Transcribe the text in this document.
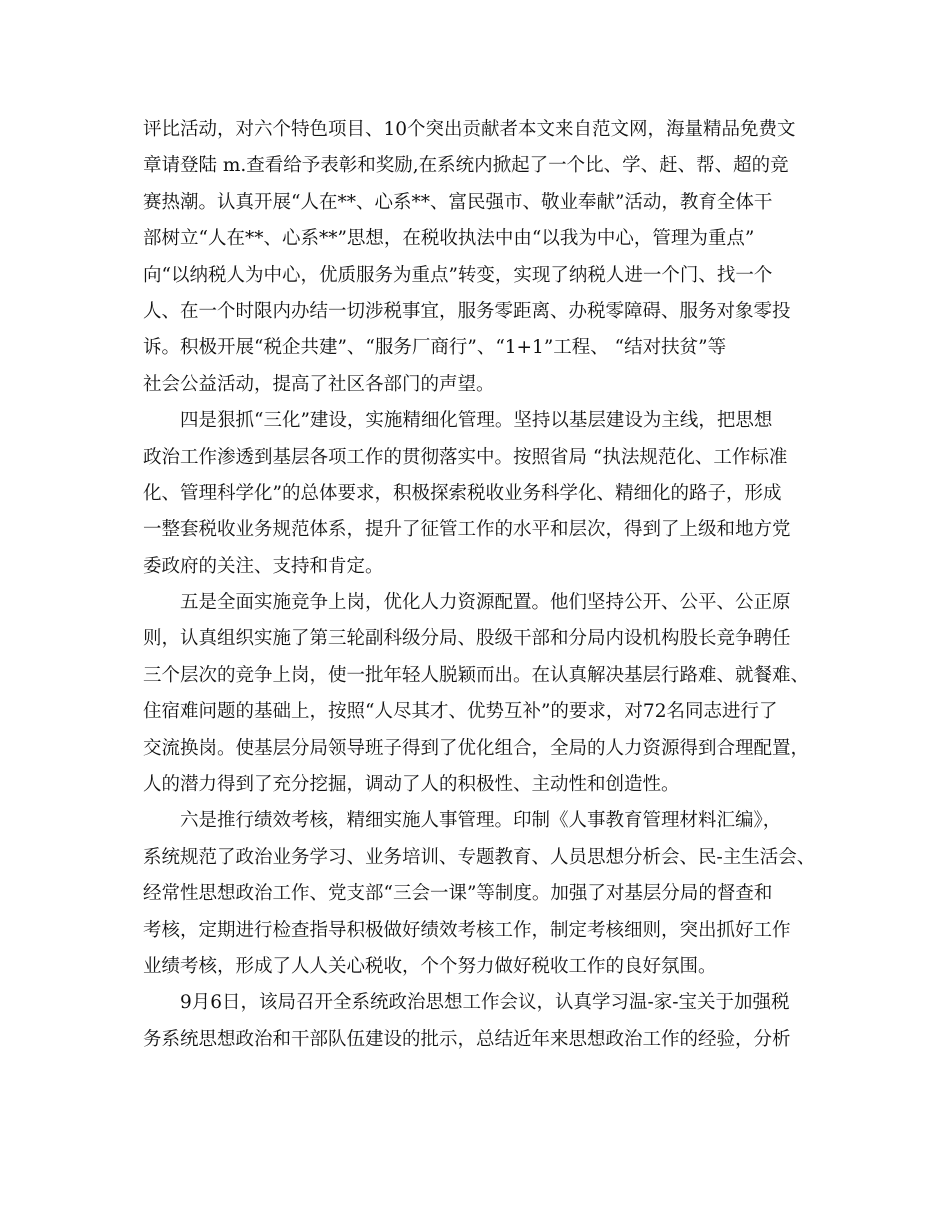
评比活动，对六个特色项目、10个突出贡献者本文来自范文网，海量精品免费文
章请登陆 m.查看给予表彰和奖励,在系统内掀起了一个比、学、赶、帮、超的竞
赛热潮。认真开展“人在**、心系**、富民强市、敬业奉献”活动，教育全体干
部树立“人在**、心系**”思想，在税收执法中由“以我为中心，管理为重点”
向“以纳税人为中心，优质服务为重点”转变，实现了纳税人进一个门、找一个
人、在一个时限内办结一切涉税事宜，服务零距离、办税零障碍、服务对象零投
诉。积极开展“税企共建”、“服务厂商行”、“1+1”工程、 “结对扶贫”等
社会公益活动，提高了社区各部门的声望。
四是狠抓“三化”建设，实施精细化管理。坚持以基层建设为主线，把思想
政治工作渗透到基层各项工作的贯彻落实中。按照省局 “执法规范化、工作标准
化、管理科学化”的总体要求，积极探索税收业务科学化、精细化的路子，形成
一整套税收业务规范体系，提升了征管工作的水平和层次，得到了上级和地方党
委政府的关注、支持和肯定。
五是全面实施竞争上岗，优化人力资源配置。他们坚持公开、公平、公正原
则，认真组织实施了第三轮副科级分局、股级干部和分局内设机构股长竞争聘任
三个层次的竞争上岗，使一批年轻人脱颖而出。在认真解决基层行路难、就餐难、
住宿难问题的基础上，按照“人尽其才、优势互补”的要求，对72名同志进行了
交流换岗。使基层分局领导班子得到了优化组合，全局的人力资源得到合理配置，
人的潜力得到了充分挖掘，调动了人的积极性、主动性和创造性。
六是推行绩效考核，精细实施人事管理。印制《人事教育管理材料汇编》，
系统规范了政治业务学习、业务培训、专题教育、人员思想分析会、民-主生活会、
经常性思想政治工作、党支部“三会一课”等制度。加强了对基层分局的督查和
考核，定期进行检查指导积极做好绩效考核工作，制定考核细则，突出抓好工作
业绩考核，形成了人人关心税收，个个努力做好税收工作的良好氛围。
9月6日，该局召开全系统政治思想工作会议，认真学习温-家-宝关于加强税
务系统思想政治和干部队伍建设的批示，总结近年来思想政治工作的经验，分析
